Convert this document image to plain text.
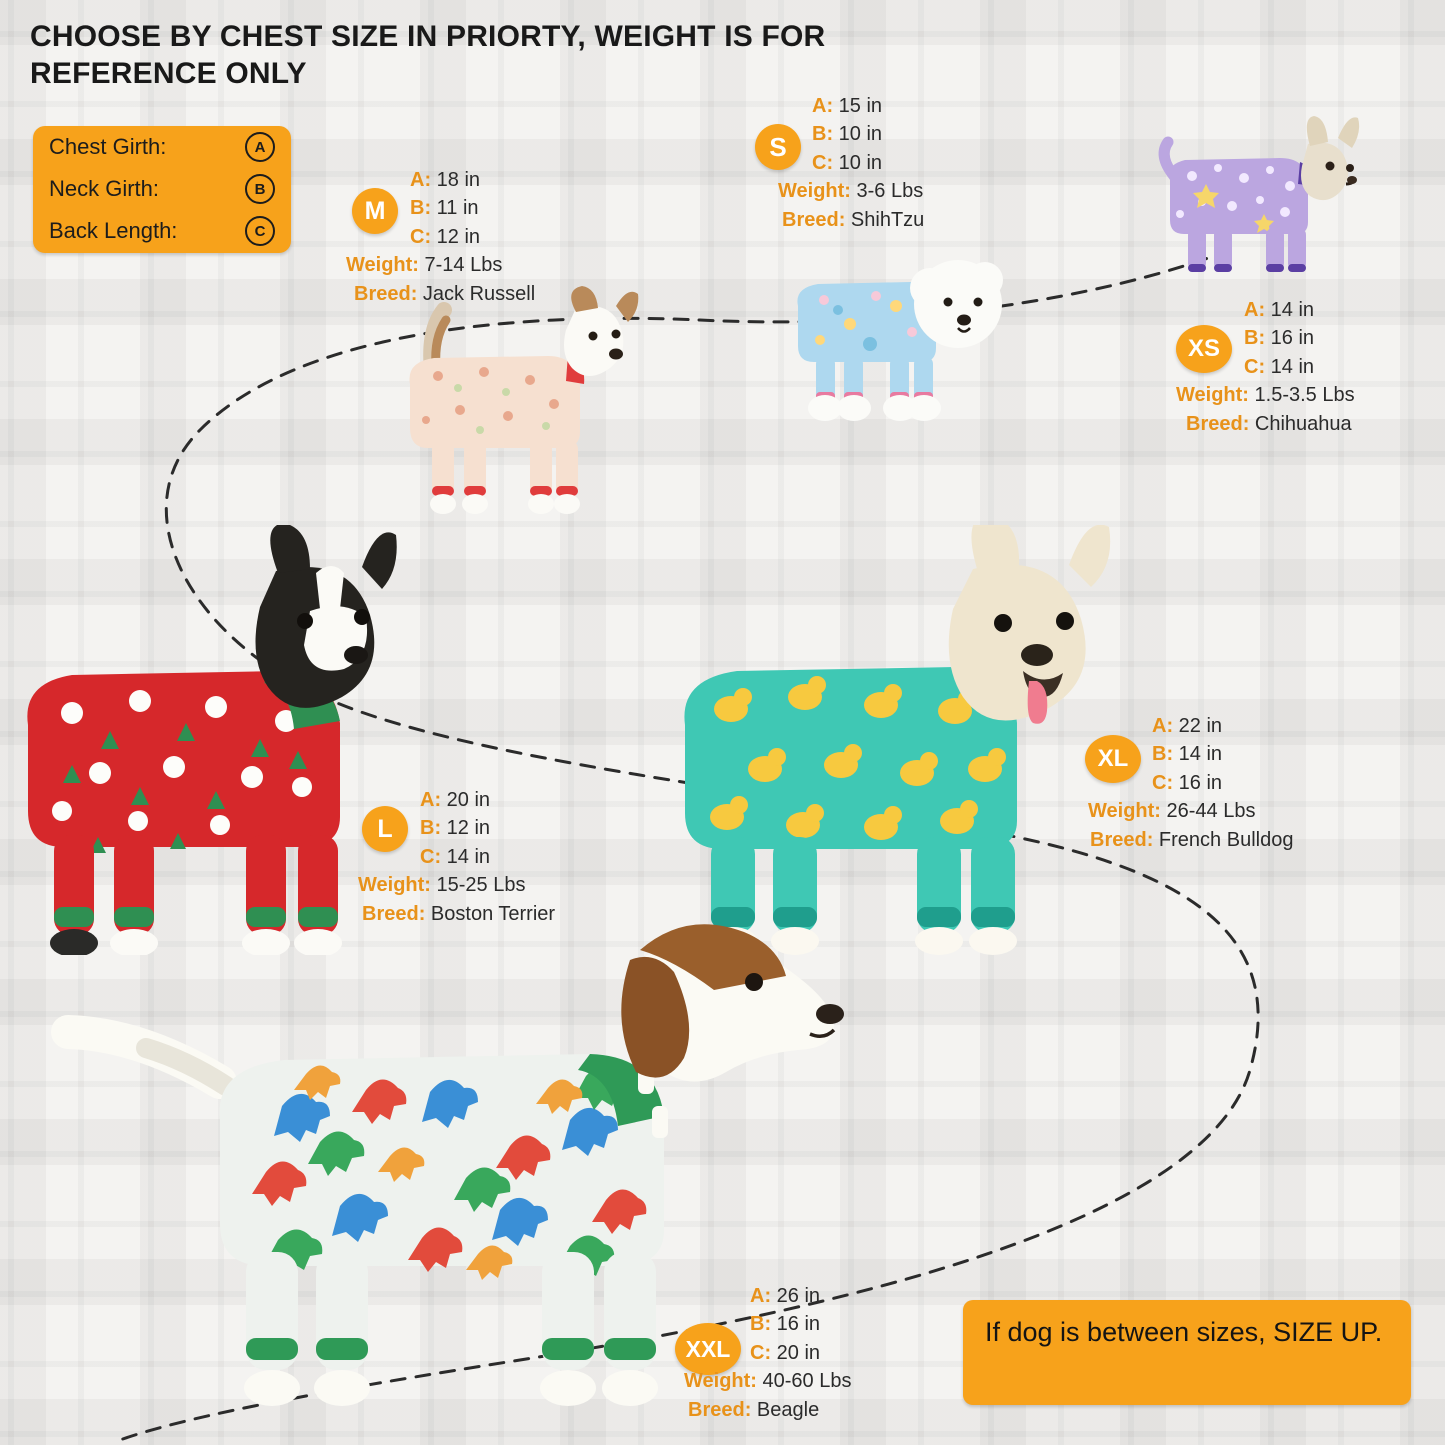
CHOOSE BY CHEST SIZE IN PRIORTY, WEIGHT IS FOR REFERENCE ONLY
Chest Girth:	A
Neck Girth:	B
Back Length:	C
S
A: 15 in
B: 10 in
C: 10 in
Weight: 3-6 Lbs
Breed: ShihTzu
M
A: 18 in
B: 11 in
C: 12 in
Weight: 7-14 Lbs
Breed: Jack Russell
XS
A: 14 in
B: 16 in
C: 14 in
Weight: 1.5-3.5 Lbs
Breed: Chihuahua
L
A: 20 in
B: 12 in
C: 14 in
Weight: 15-25 Lbs
Breed: Boston Terrier
XL
A: 22 in
B: 14 in
C: 16 in
Weight: 26-44 Lbs
Breed: French Bulldog
XXL
A: 26 in
B: 16 in
C: 20 in
Weight: 40-60 Lbs
Breed: Beagle
If dog is between sizes, SIZE UP.
